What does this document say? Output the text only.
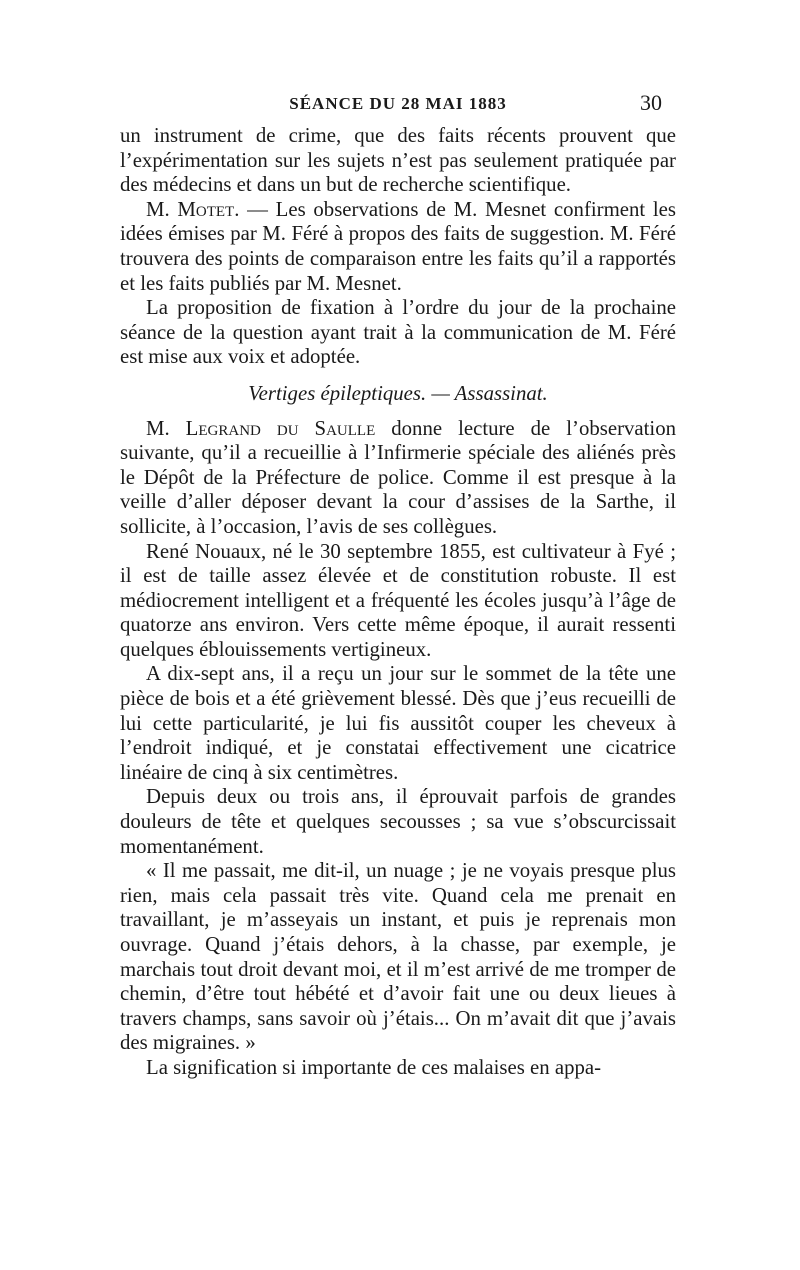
SÉANCE DU 28 MAI 1883	30

un instrument de crime, que des faits récents prouvent que l’expérimentation sur les sujets n’est pas seulement pratiquée par des médecins et dans un but de recherche scientifique.

M. Motet. — Les observations de M. Mesnet confirment les idées émises par M. Féré à propos des faits de suggestion. M. Féré trouvera des points de comparaison entre les faits qu’il a rapportés et les faits publiés par M. Mesnet.

La proposition de fixation à l’ordre du jour de la prochaine séance de la question ayant trait à la communication de M. Féré est mise aux voix et adoptée.

Vertiges épileptiques. — Assassinat.

M. Legrand du Saulle donne lecture de l’observation suivante, qu’il a recueillie à l’Infirmerie spéciale des aliénés près le Dépôt de la Préfecture de police. Comme il est presque à la veille d’aller déposer devant la cour d’assises de la Sarthe, il sollicite, à l’occasion, l’avis de ses collègues.

René Nouaux, né le 30 septembre 1855, est cultivateur à Fyé ; il est de taille assez élevée et de constitution robuste. Il est médiocrement intelligent et a fréquenté les écoles jusqu’à l’âge de quatorze ans environ. Vers cette même époque, il aurait ressenti quelques éblouissements vertigineux.

A dix-sept ans, il a reçu un jour sur le sommet de la tête une pièce de bois et a été grièvement blessé. Dès que j’eus recueilli de lui cette particularité, je lui fis aussitôt couper les cheveux à l’endroit indiqué, et je constatai effectivement une cicatrice linéaire de cinq à six centimètres.

Depuis deux ou trois ans, il éprouvait parfois de grandes douleurs de tête et quelques secousses ; sa vue s’obscurcissait momentanément.

« Il me passait, me dit-il, un nuage ; je ne voyais presque plus rien, mais cela passait très vite. Quand cela me prenait en travaillant, je m’asseyais un instant, et puis je reprenais mon ouvrage. Quand j’étais dehors, à la chasse, par exemple, je marchais tout droit devant moi, et il m’est arrivé de me tromper de chemin, d’être tout hébété et d’avoir fait une ou deux lieues à travers champs, sans savoir où j’étais... On m’avait dit que j’avais des migraines. »

La signification si importante de ces malaises en appa-
